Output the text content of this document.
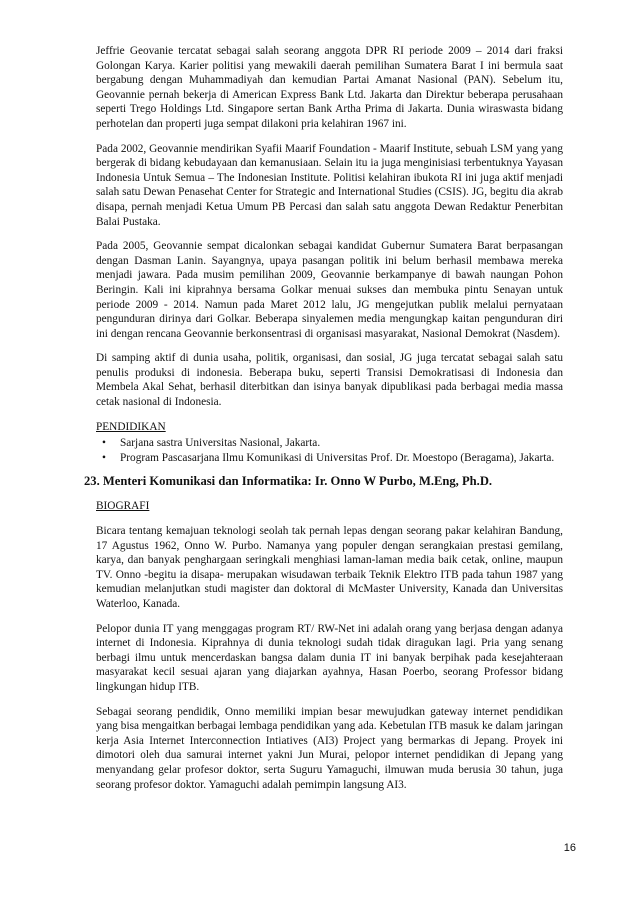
Jeffrie Geovanie tercatat sebagai salah seorang anggota DPR RI periode 2009 – 2014 dari fraksi Golongan Karya. Karier politisi yang mewakili daerah pemilihan Sumatera Barat I ini bermula saat bergabung dengan Muhammadiyah dan kemudian Partai Amanat Nasional (PAN). Sebelum itu, Geovannie pernah bekerja di American Express Bank Ltd. Jakarta dan Direktur beberapa perusahaan seperti Trego Holdings Ltd. Singapore sertan Bank Artha Prima di Jakarta. Dunia wiraswasta bidang perhotelan dan properti juga sempat dilakoni pria kelahiran 1967 ini.

Pada 2002, Geovannie mendirikan Syafii Maarif Foundation - Maarif Institute, sebuah LSM yang yang bergerak di bidang kebudayaan dan kemanusiaan. Selain itu ia juga menginisiasi terbentuknya Yayasan Indonesia Untuk Semua – The Indonesian Institute. Politisi kelahiran ibukota RI ini juga aktif menjadi salah satu Dewan Penasehat Center for Strategic and International Studies (CSIS). JG, begitu dia akrab disapa, pernah menjadi Ketua Umum PB Percasi dan salah satu anggota Dewan Redaktur Penerbitan Balai Pustaka.

Pada 2005, Geovannie sempat dicalonkan sebagai kandidat Gubernur Sumatera Barat berpasangan dengan Dasman Lanin. Sayangnya, upaya pasangan politik ini belum berhasil membawa mereka menjadi jawara. Pada musim pemilihan 2009, Geovannie berkampanye di bawah naungan Pohon Beringin. Kali ini kiprahnya bersama Golkar menuai sukses dan membuka pintu Senayan untuk periode 2009 - 2014. Namun pada Maret 2012 lalu, JG mengejutkan publik melalui pernyataan pengunduran dirinya dari Golkar. Beberapa sinyalemen media mengungkap kaitan pengunduran diri ini dengan rencana Geovannie berkonsentrasi di organisasi masyarakat, Nasional Demokrat (Nasdem).

Di samping aktif di dunia usaha, politik, organisasi, dan sosial, JG juga tercatat sebagai salah satu penulis produksi di indonesia. Beberapa buku, seperti Transisi Demokratisasi di Indonesia dan Membela Akal Sehat, berhasil diterbitkan dan isinya banyak dipublikasi pada berbagai media massa cetak nasional di Indonesia.

PENDIDIKAN
• Sarjana sastra Universitas Nasional, Jakarta.
• Program Pascasarjana Ilmu Komunikasi di Universitas Prof. Dr. Moestopo (Beragama), Jakarta.
23. Menteri Komunikasi dan Informatika: Ir. Onno W Purbo, M.Eng, Ph.D.
BIOGRAFI

Bicara tentang kemajuan teknologi seolah tak pernah lepas dengan seorang pakar kelahiran Bandung, 17 Agustus 1962, Onno W. Purbo. Namanya yang populer dengan serangkaian prestasi gemilang, karya, dan banyak penghargaan seringkali menghiasi laman-laman media baik cetak, online, maupun TV. Onno -begitu ia disapa- merupakan wisudawan terbaik Teknik Elektro ITB pada tahun 1987 yang kemudian melanjutkan studi magister dan doktoral di McMaster University, Kanada dan Universitas Waterloo, Kanada.

Pelopor dunia IT yang menggagas program RT/ RW-Net ini adalah orang yang berjasa dengan adanya internet di Indonesia. Kiprahnya di dunia teknologi sudah tidak diragukan lagi. Pria yang senang berbagi ilmu untuk mencerdaskan bangsa dalam dunia IT ini banyak berpihak pada kesejahteraan masyarakat kecil sesuai ajaran yang diajarkan ayahnya, Hasan Poerbo, seorang Professor bidang lingkungan hidup ITB.

Sebagai seorang pendidik, Onno memiliki impian besar mewujudkan gateway internet pendidikan yang bisa mengaitkan berbagai lembaga pendidikan yang ada. Kebetulan ITB masuk ke dalam jaringan kerja Asia Internet Interconnection Intiatives (AI3) Project yang bermarkas di Jepang. Proyek ini dimotori oleh dua samurai internet yakni Jun Murai, pelopor internet pendidikan di Jepang yang menyandang gelar profesor doktor, serta Suguru Yamaguchi, ilmuwan muda berusia 30 tahun, juga seorang profesor doktor. Yamaguchi adalah pemimpin langsung AI3.

16
